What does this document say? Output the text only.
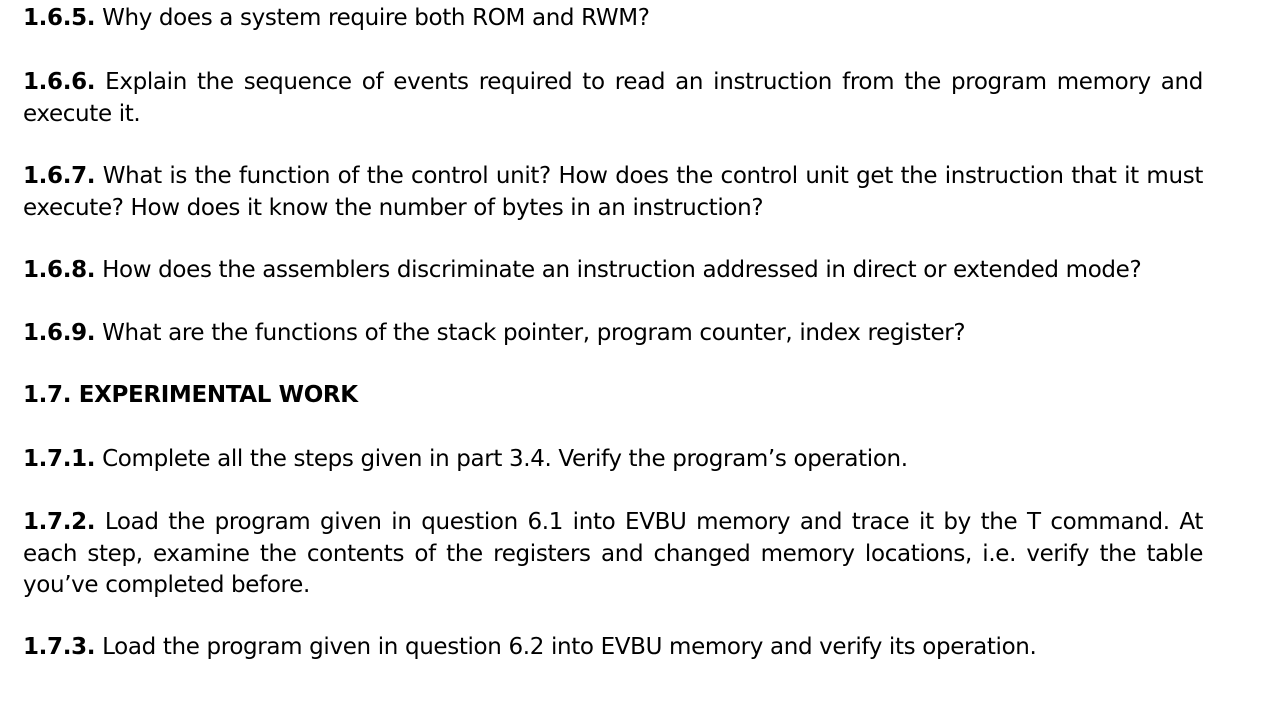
1.6.5. Why does a system require both ROM and RWM?

1.6.6. Explain the sequence of events required to read an instruction from the program memory and execute it.

1.6.7. What is the function of the control unit? How does the control unit get the instruction that it must execute? How does it know the number of bytes in an instruction?

1.6.8. How does the assemblers discriminate an instruction addressed in direct or extended mode?

1.6.9. What are the functions of the stack pointer, program counter, index register?

1.7. EXPERIMENTAL WORK

1.7.1. Complete all the steps given in part 3.4. Verify the program’s operation.

1.7.2. Load the program given in question 6.1 into EVBU memory and trace it by the T command. At each step, examine the contents of the registers and changed memory locations, i.e. verify the table you’ve completed before.

1.7.3. Load the program given in question 6.2 into EVBU memory and verify its operation.
